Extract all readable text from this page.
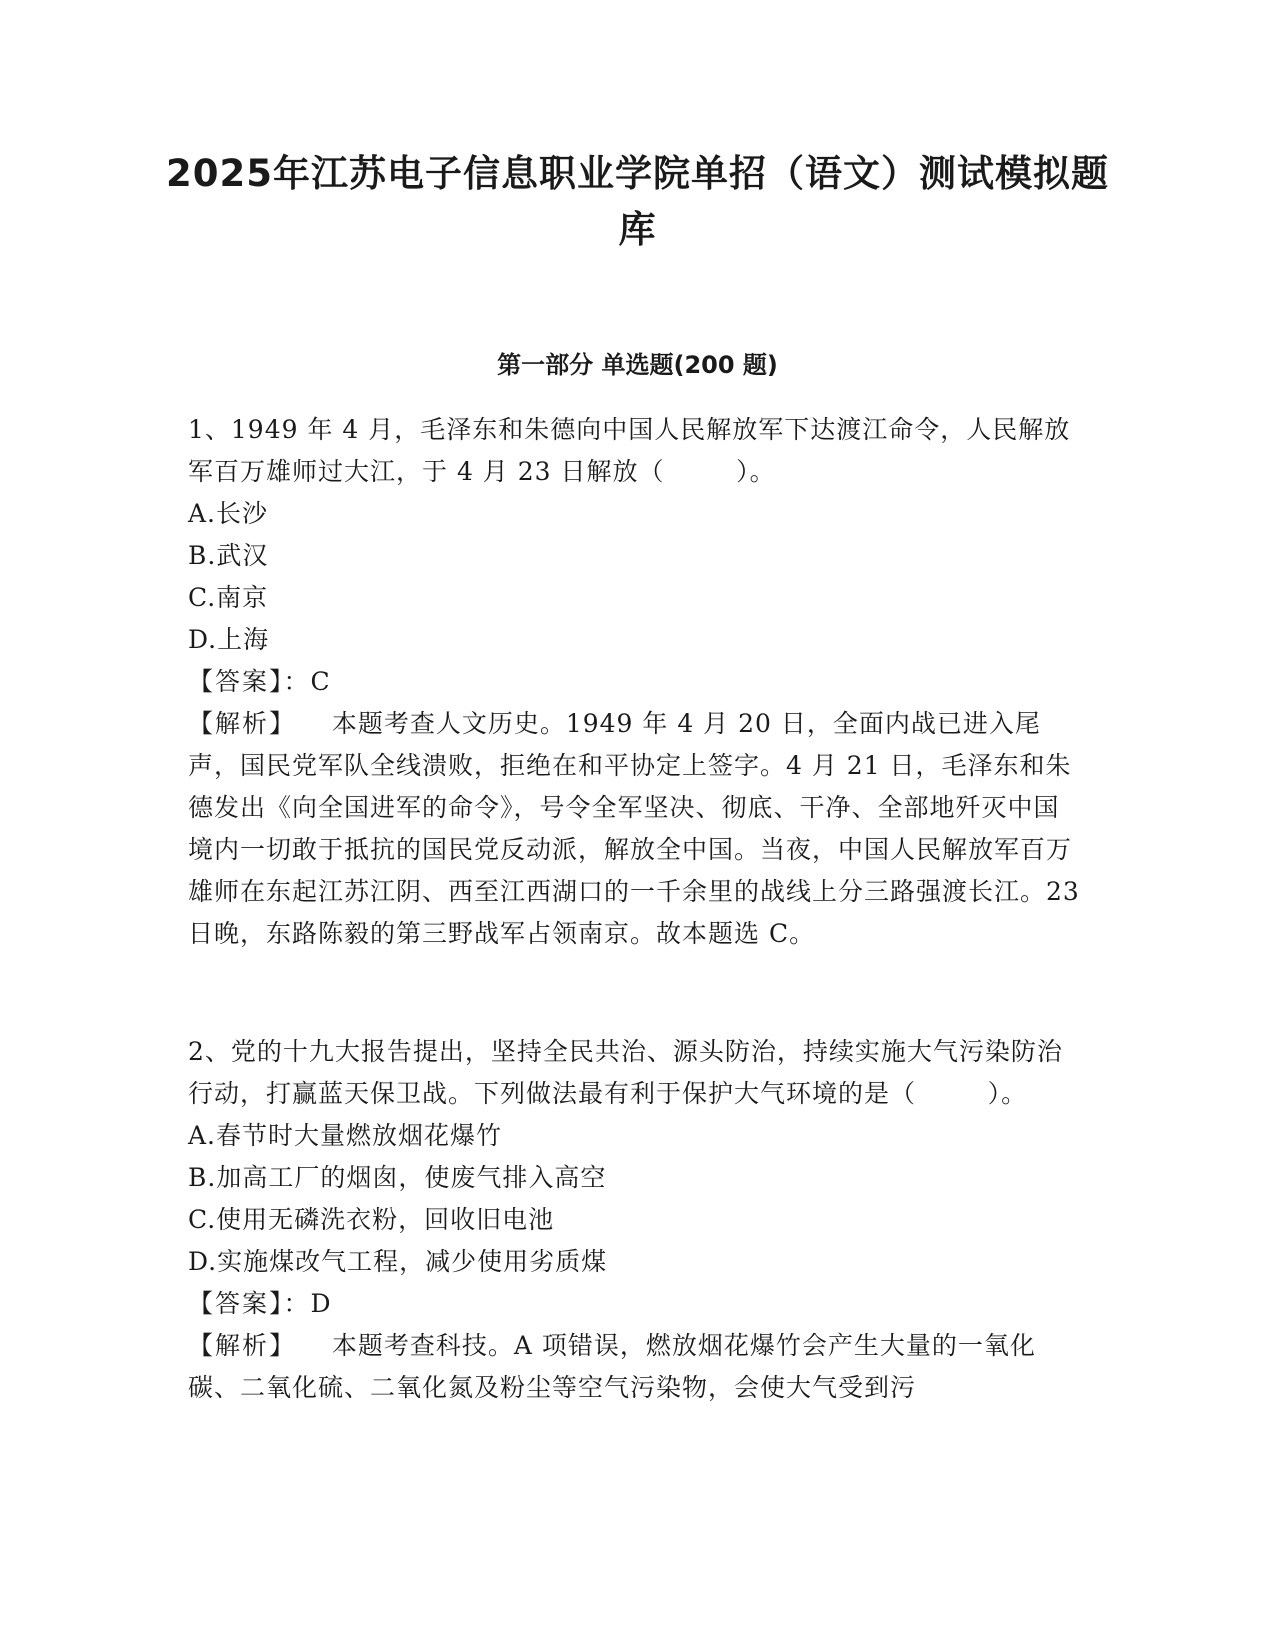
2025年江苏电子信息职业学院单招（语文）测试模拟题库
第一部分 单选题(200 题)

1、1949 年 4 月，毛泽东和朱德向中国人民解放军下达渡江命令，人民解放军百万雄师过大江，于 4 月 23 日解放（        ）。

A.长沙

B.武汉

C.南京

D.上海

【答案】：C

【解析】 本题考查人文历史。1949 年 4 月 20 日，全面内战已进入尾声，国民党军队全线溃败，拒绝在和平协定上签字。4 月 21 日，毛泽东和朱德发出《向全国进军的命令》，号令全军坚决、彻底、干净、全部地歼灭中国境内一切敢于抵抗的国民党反动派，解放全中国。当夜，中国人民解放军百万雄师在东起江苏江阴、西至江西湖口的一千余里的战线上分三路强渡长江。23 日晚，东路陈毅的第三野战军占领南京。故本题选 C。

2、党的十九大报告提出，坚持全民共治、源头防治，持续实施大气污染防治行动，打赢蓝天保卫战。下列做法最有利于保护大气环境的是（        ）。

A.春节时大量燃放烟花爆竹

B.加高工厂的烟囱，使废气排入高空

C.使用无磷洗衣粉，回收旧电池

D.实施煤改气工程，减少使用劣质煤

【答案】：D

【解析】 本题考查科技。A 项错误，燃放烟花爆竹会产生大量的一氧化碳、二氧化硫、二氧化氮及粉尘等空气污染物，会使大气受到污
